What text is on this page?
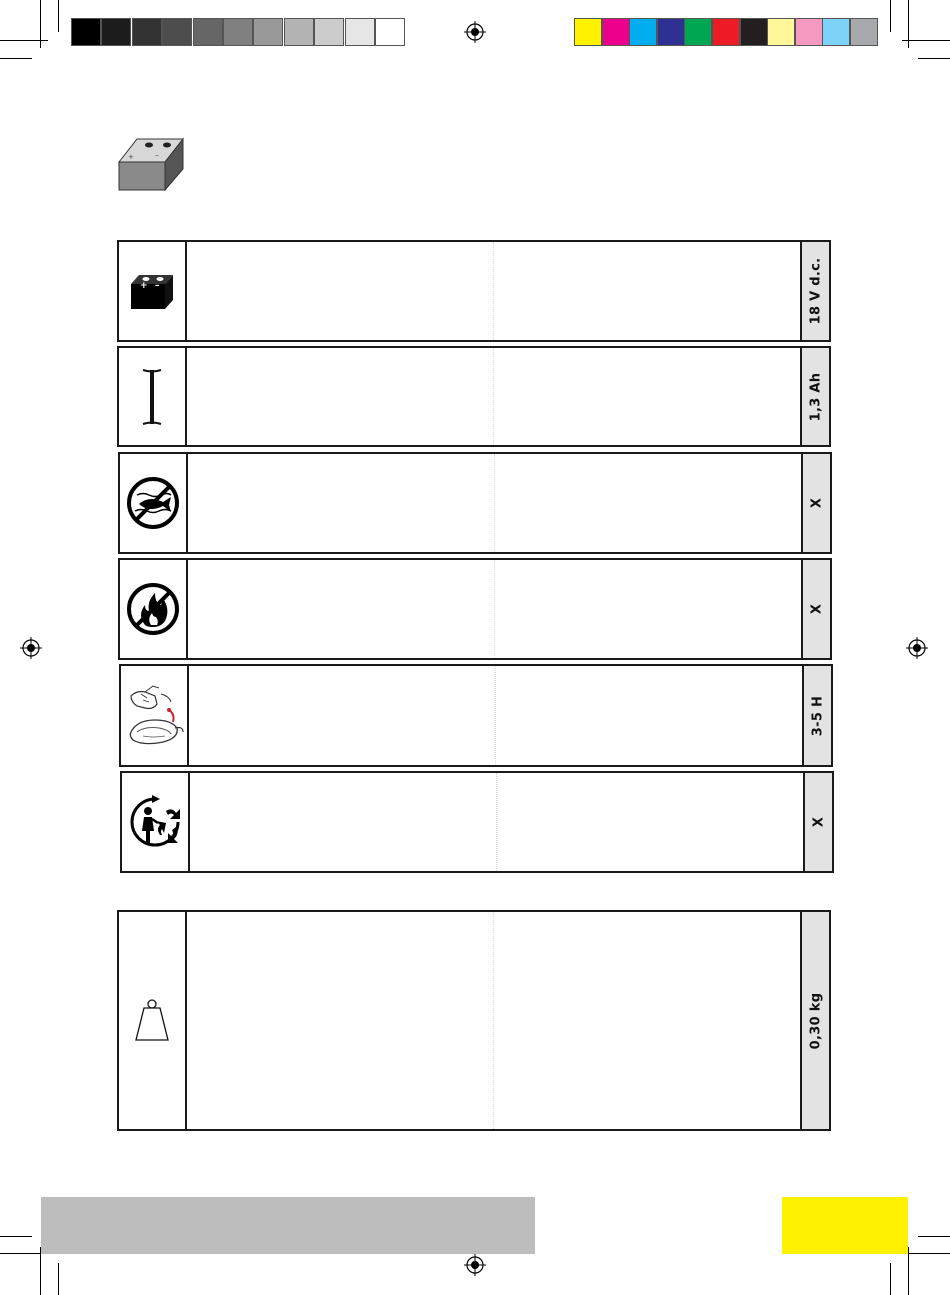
+	–
+ –	18 V d.c.
1,3 Ah
X
X
3-5 H
X
0,30 kg
